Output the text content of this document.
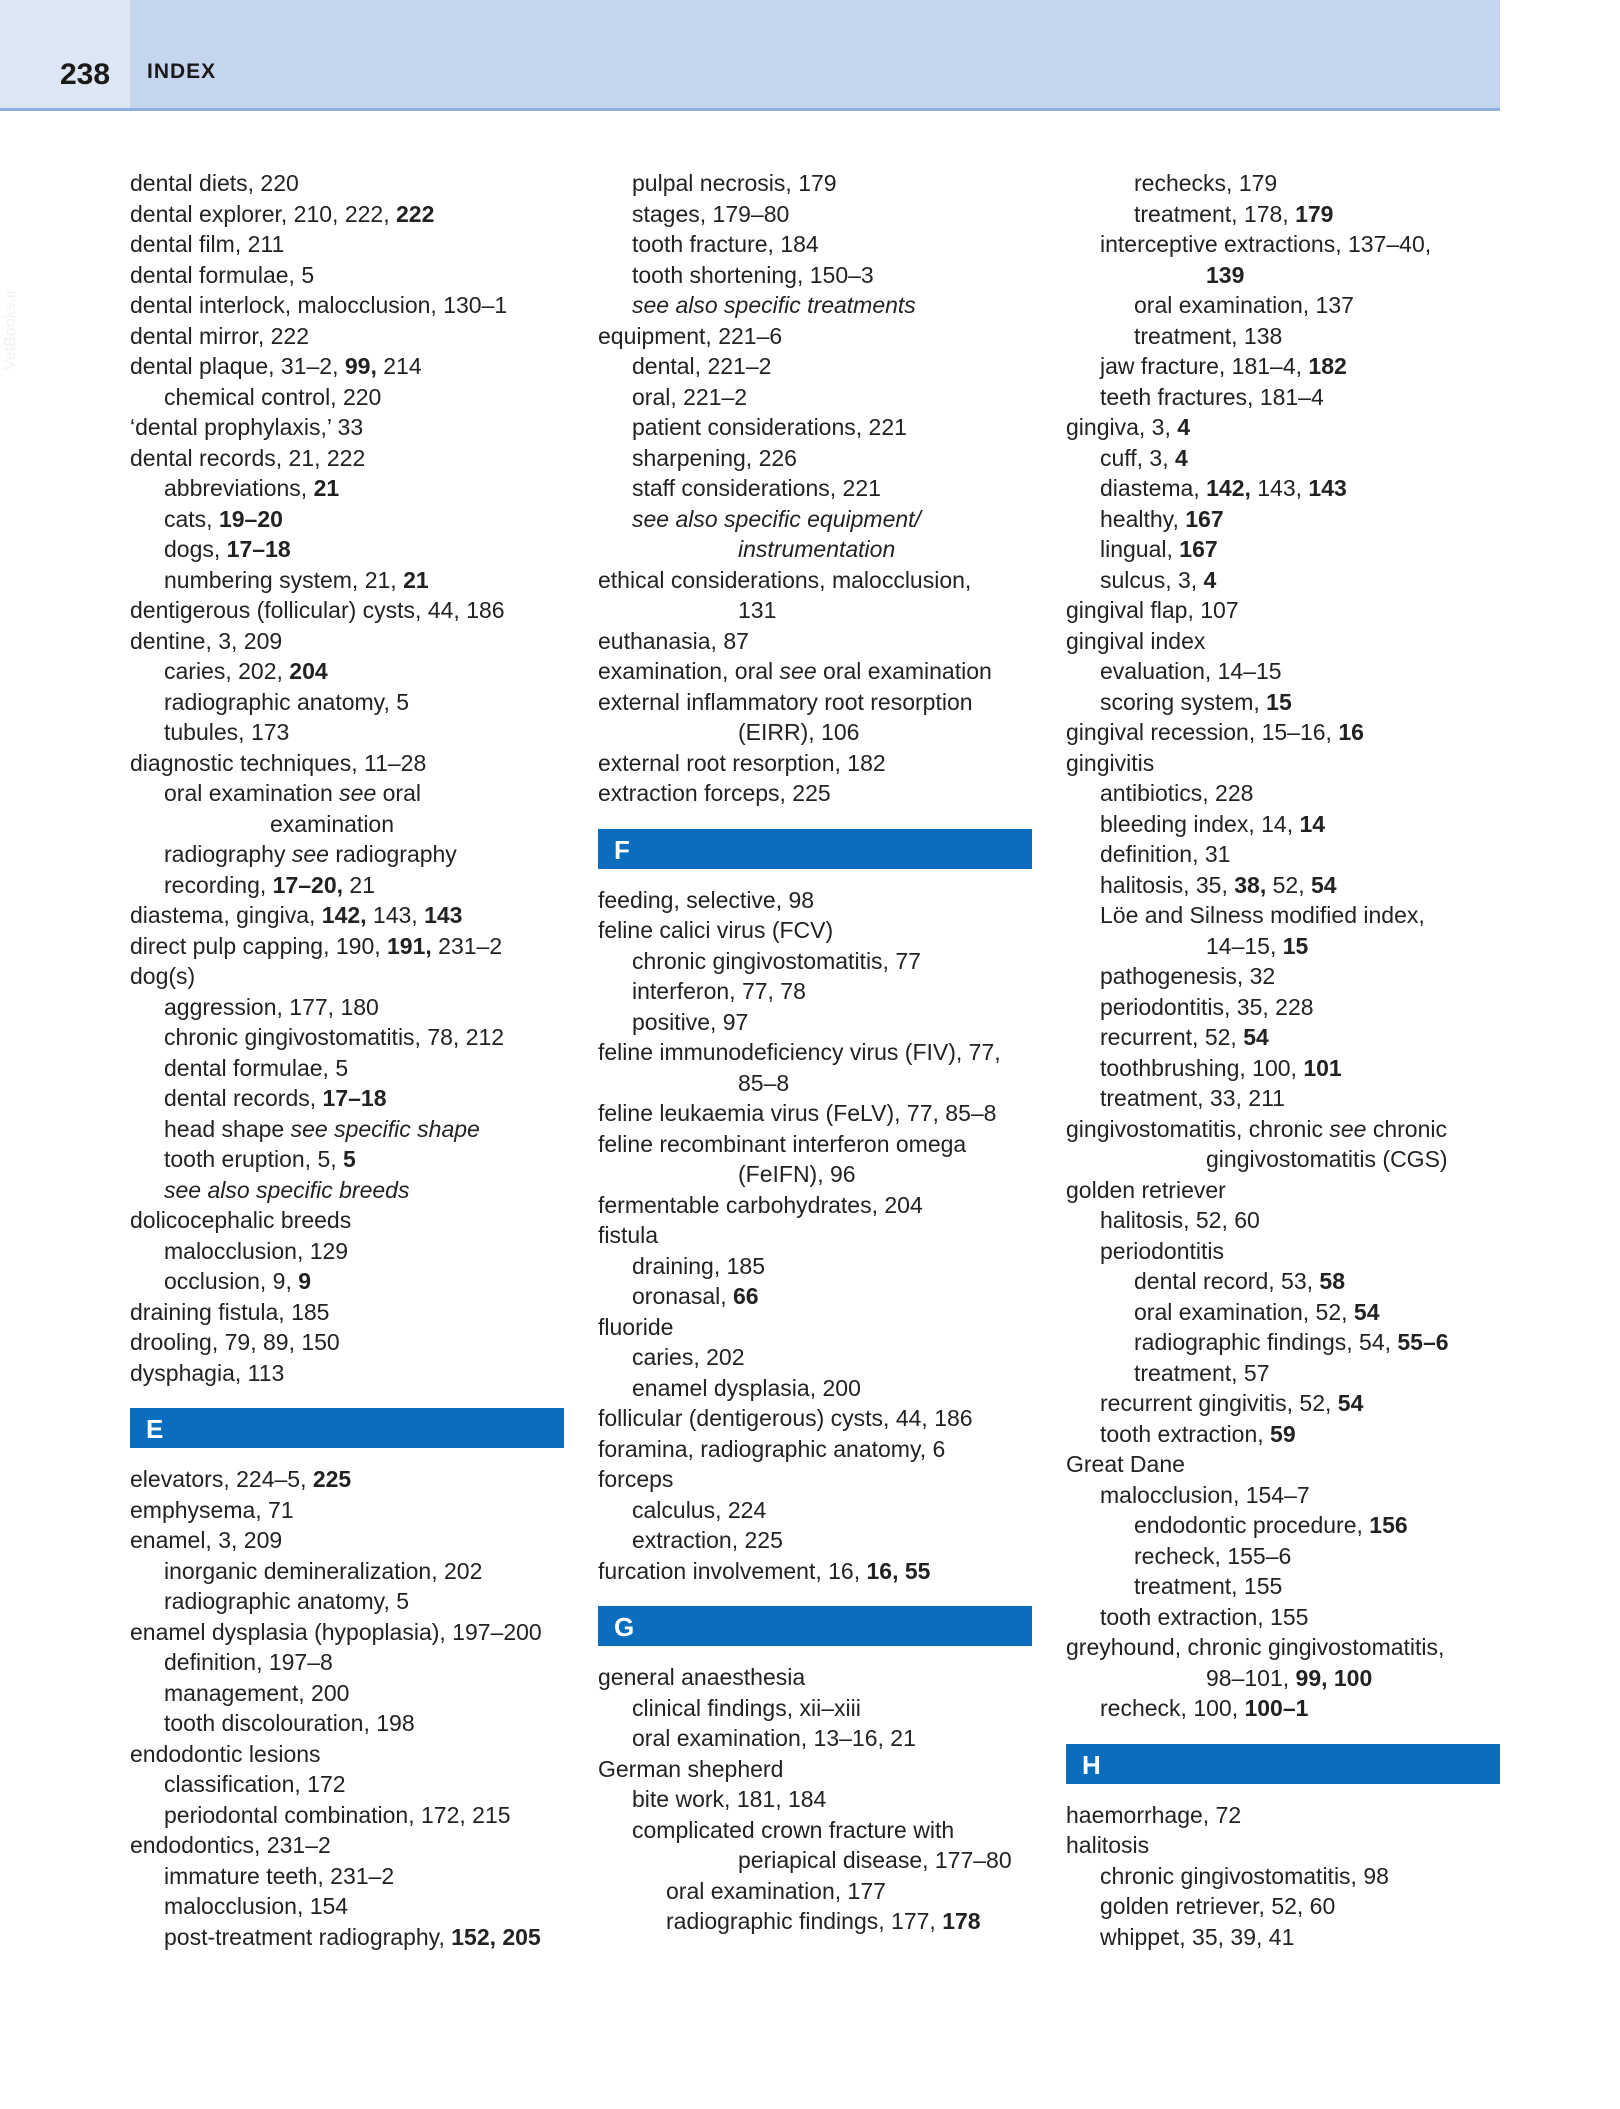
238 INDEX
VetBooks.ir
dental diets, 220
dental explorer, 210, 222, 222
dental film, 211
dental formulae, 5
dental interlock, malocclusion, 130–1
dental mirror, 222
dental plaque, 31–2, 99, 214
chemical control, 220
‘dental prophylaxis,’ 33
dental records, 21, 222
abbreviations, 21
cats, 19–20
dogs, 17–18
numbering system, 21, 21
dentigerous (follicular) cysts, 44, 186
dentine, 3, 209
caries, 202, 204
radiographic anatomy, 5
tubules, 173
diagnostic techniques, 11–28
oral examination see oral
examination
radiography see radiography
recording, 17–20, 21
diastema, gingiva, 142, 143, 143
direct pulp capping, 190, 191, 231–2
dog(s)
aggression, 177, 180
chronic gingivostomatitis, 78, 212
dental formulae, 5
dental records, 17–18
head shape see specific shape
tooth eruption, 5, 5
see also specific breeds
dolicocephalic breeds
malocclusion, 129
occlusion, 9, 9
draining fistula, 185
drooling, 79, 89, 150
dysphagia, 113
E
elevators, 224–5, 225
emphysema, 71
enamel, 3, 209
inorganic demineralization, 202
radiographic anatomy, 5
enamel dysplasia (hypoplasia), 197–200
definition, 197–8
management, 200
tooth discolouration, 198
endodontic lesions
classification, 172
periodontal combination, 172, 215
endodontics, 231–2
immature teeth, 231–2
malocclusion, 154
post-treatment radiography, 152, 205
pulpal necrosis, 179
stages, 179–80
tooth fracture, 184
tooth shortening, 150–3
see also specific treatments
equipment, 221–6
dental, 221–2
oral, 221–2
patient considerations, 221
sharpening, 226
staff considerations, 221
see also specific equipment/
instrumentation
ethical considerations, malocclusion,
131
euthanasia, 87
examination, oral see oral examination
external inflammatory root resorption
(EIRR), 106
external root resorption, 182
extraction forceps, 225
F
feeding, selective, 98
feline calici virus (FCV)
chronic gingivostomatitis, 77
interferon, 77, 78
positive, 97
feline immunodeficiency virus (FIV), 77,
85–8
feline leukaemia virus (FeLV), 77, 85–8
feline recombinant interferon omega
(FeIFN), 96
fermentable carbohydrates, 204
fistula
draining, 185
oronasal, 66
fluoride
caries, 202
enamel dysplasia, 200
follicular (dentigerous) cysts, 44, 186
foramina, radiographic anatomy, 6
forceps
calculus, 224
extraction, 225
furcation involvement, 16, 16, 55
G
general anaesthesia
clinical findings, xii–xiii
oral examination, 13–16, 21
German shepherd
bite work, 181, 184
complicated crown fracture with
periapical disease, 177–80
oral examination, 177
radiographic findings, 177, 178
rechecks, 179
treatment, 178, 179
interceptive extractions, 137–40,
139
oral examination, 137
treatment, 138
jaw fracture, 181–4, 182
teeth fractures, 181–4
gingiva, 3, 4
cuff, 3, 4
diastema, 142, 143, 143
healthy, 167
lingual, 167
sulcus, 3, 4
gingival flap, 107
gingival index
evaluation, 14–15
scoring system, 15
gingival recession, 15–16, 16
gingivitis
antibiotics, 228
bleeding index, 14, 14
definition, 31
halitosis, 35, 38, 52, 54
Löe and Silness modified index,
14–15, 15
pathogenesis, 32
periodontitis, 35, 228
recurrent, 52, 54
toothbrushing, 100, 101
treatment, 33, 211
gingivostomatitis, chronic see chronic
gingivostomatitis (CGS)
golden retriever
halitosis, 52, 60
periodontitis
dental record, 53, 58
oral examination, 52, 54
radiographic findings, 54, 55–6
treatment, 57
recurrent gingivitis, 52, 54
tooth extraction, 59
Great Dane
malocclusion, 154–7
endodontic procedure, 156
recheck, 155–6
treatment, 155
tooth extraction, 155
greyhound, chronic gingivostomatitis,
98–101, 99, 100
recheck, 100, 100–1
H
haemorrhage, 72
halitosis
chronic gingivostomatitis, 98
golden retriever, 52, 60
whippet, 35, 39, 41
